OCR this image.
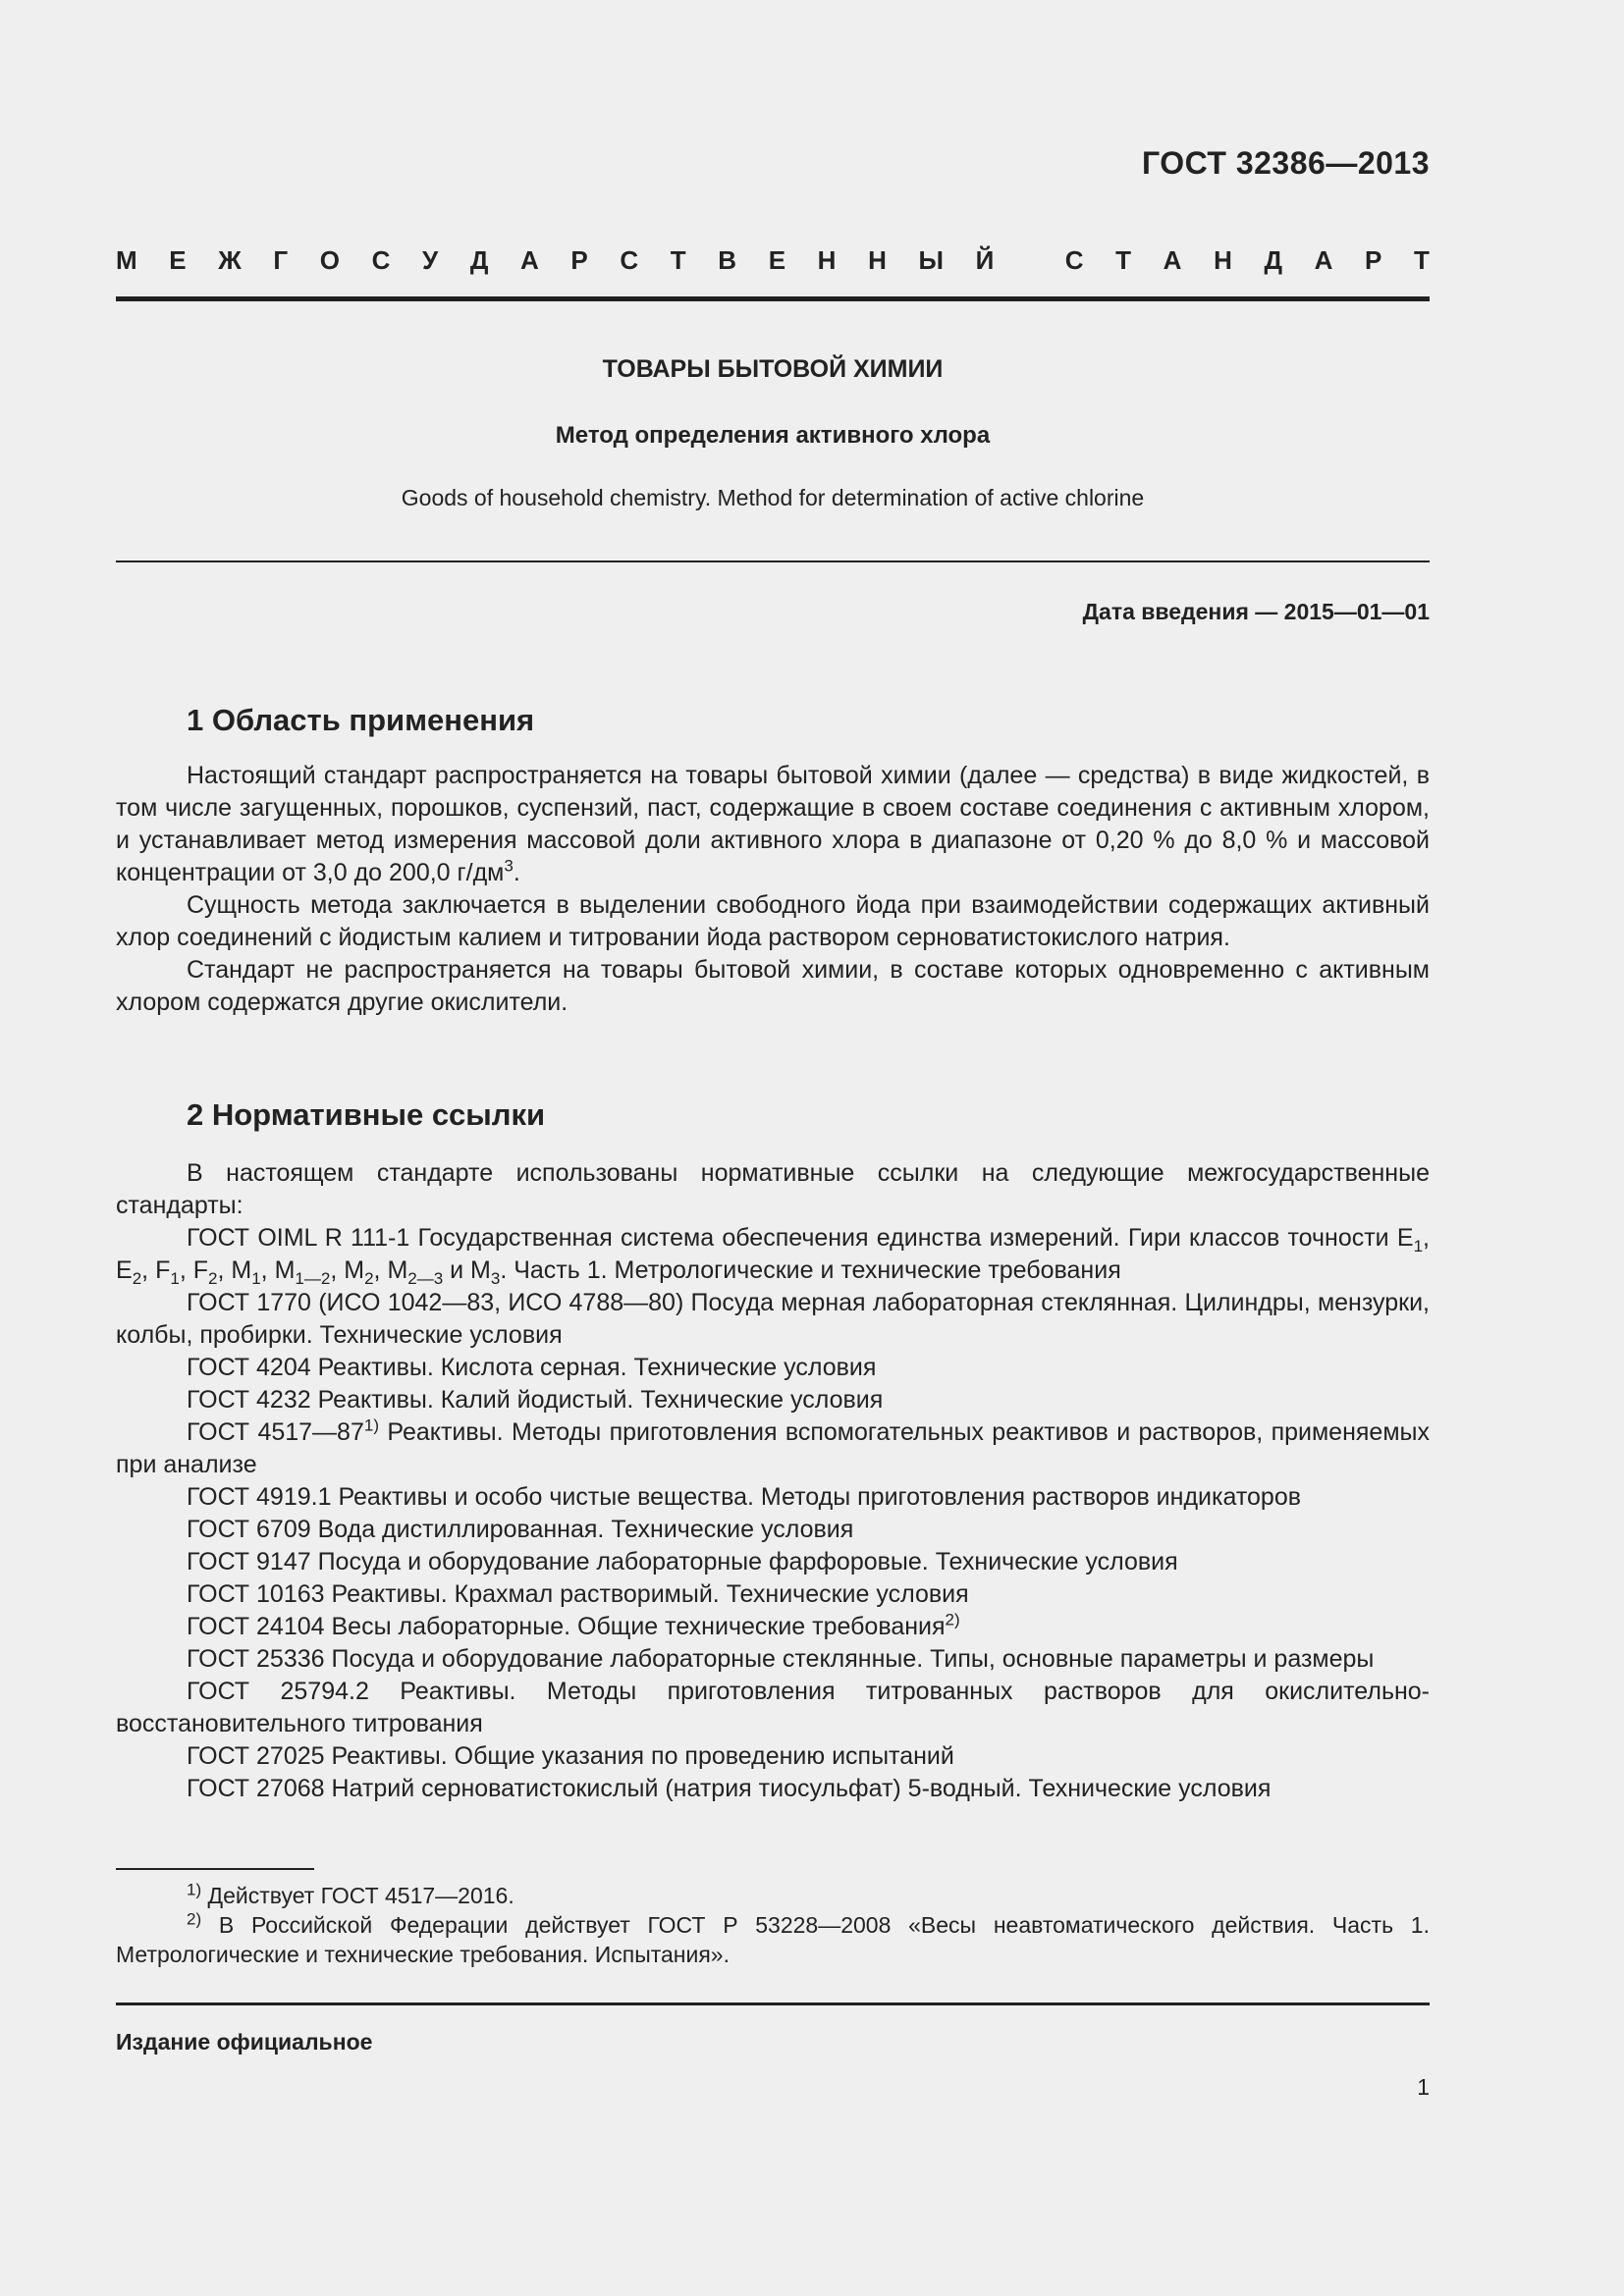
ГОСТ 32386—2013
М Е Ж Г О С У Д А Р С Т В Е Н Н Ы Й
	С Т А Н Д А Р Т
ТОВАРЫ БЫТОВОЙ ХИМИИ
Метод определения активного хлора
Goods of household chemistry. Method for determination of active chlorine
Дата введения — 2015—01—01
1 Область применения

Настоящий стандарт распространяется на товары бытовой химии (далее — средства) в виде жидкостей, в том числе загущенных, порошков, суспензий, паст, содержащие в своем составе соединения с активным хлором, и устанавливает метод измерения массовой доли активного хлора в диапазоне от 0,20 % до 8,0 % и массовой концентрации от 3,0 до 200,0 $г/дм^3$.

Сущность метода заключается в выделении свободного йода при взаимодействии содержащих активный хлор соединений с йодистым калием и титровании йода раствором серноватистокислого натрия.

Стандарт не распространяется на товары бытовой химии, в составе которых одновременно с активным хлором содержатся другие окислители.

2 Нормативные ссылки

В настоящем стандарте использованы нормативные ссылки на следующие межгосударственные стандарты:

ГОСТ OIML R 111-1 Государственная система обеспечения единства измерений. Гири классов точности $E_1$, $E_2$, $F_1$, $F_2$, $M_1$, $M_{1—2}$, $M_2$, $M_{2—3}$ и $M_3$. Часть 1. Метрологические и технические требования

ГОСТ 1770 (ИСО 1042—83, ИСО 4788—80) Посуда мерная лабораторная стеклянная. Цилиндры, мензурки, колбы, пробирки. Технические условия

ГОСТ 4204 Реактивы. Кислота серная. Технические условия

ГОСТ 4232 Реактивы. Калий йодистый. Технические условия

ГОСТ 4517—87$^{1)}$ Реактивы. Методы приготовления вспомогательных реактивов и растворов, применяемых при анализе

ГОСТ 4919.1 Реактивы и особо чистые вещества. Методы приготовления растворов индикаторов

ГОСТ 6709 Вода дистиллированная. Технические условия

ГОСТ 9147 Посуда и оборудование лабораторные фарфоровые. Технические условия

ГОСТ 10163 Реактивы. Крахмал растворимый. Технические условия

ГОСТ 24104 Весы лабораторные. Общие технические требования$^{2)}$

ГОСТ 25336 Посуда и оборудование лабораторные стеклянные. Типы, основные параметры и размеры

ГОСТ 25794.2 Реактивы. Методы приготовления титрованных растворов для окислительно-восстановительного титрования

ГОСТ 27025 Реактивы. Общие указания по проведению испытаний

ГОСТ 27068 Натрий серноватистокислый (натрия тиосульфат) 5-водный. Технические условия

$^{1)}$ Действует ГОСТ 4517—2016.

$^{2)}$ В Российской Федерации действует ГОСТ Р 53228—2008 «Весы неавтоматического действия. Часть 1. Метрологические и технические требования. Испытания».

Издание официальное
1
